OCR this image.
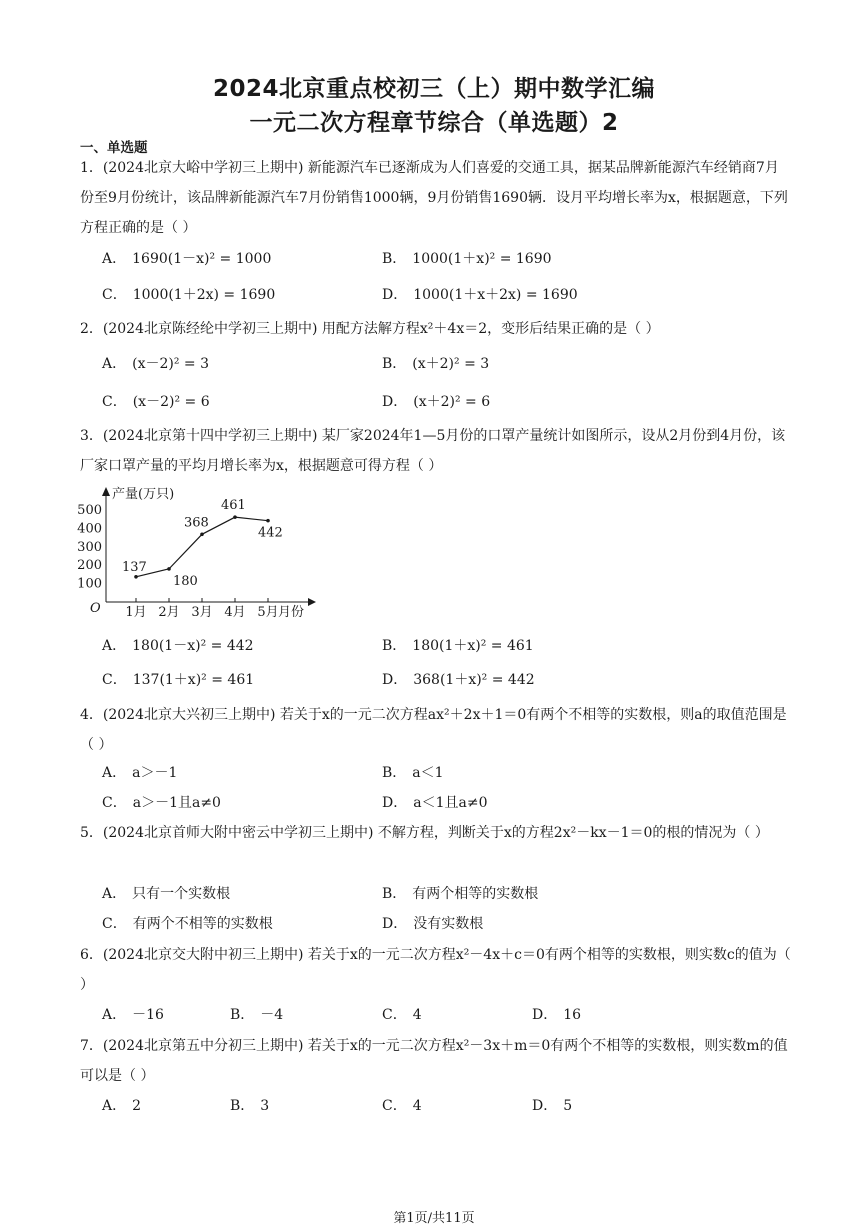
2024北京重点校初三（上）期中数学汇编
一元二次方程章节综合（单选题）2
一、单选题
1．(2024北京大峪中学初三上期中) 新能源汽车已逐渐成为人们喜爱的交通工具，据某品牌新能源汽车经销商7月份至9月份统计，该品牌新能源汽车7月份销售1000辆，9月份销售1690辆．设月平均增长率为x，根据题意，下列方程正确的是（ ）
A． 1690(1－x)² = 1000	B． 1000(1＋x)² = 1690
C． 1000(1＋2x) = 1690	D． 1000(1＋x＋2x) = 1690
2．(2024北京陈经纶中学初三上期中) 用配方法解方程x²＋4x＝2，变形后结果正确的是（ ）
A． (x－2)² = 3	B． (x＋2)² = 3
C． (x－2)² = 6	D． (x＋2)² = 6
3．(2024北京第十四中学初三上期中) 某厂家2024年1—5月份的口罩产量统计如图所示，设从2月份到4月份，该厂家口罩产量的平均月增长率为x，根据题意可得方程（ ）
产量(万只)
月份
O
100
200
300
400
500
1月 2月 3月 4月 5月
137
180
368
461
442
A． 180(1－x)² = 442	B． 180(1＋x)² = 461
C． 137(1＋x)² = 461	D． 368(1＋x)² = 442
4．(2024北京大兴初三上期中) 若关于x的一元二次方程ax²＋2x＋1＝0有两个不相等的实数根，则a的取值范围是（ ）
A． a＞－1	B． a＜1
C． a＞－1且a≠0	D． a＜1且a≠0
5．(2024北京首师大附中密云中学初三上期中) 不解方程，判断关于x的方程2x²－kx－1＝0的根的情况为（ ）
A． 只有一个实数根	B． 有两个相等的实数根
C． 有两个不相等的实数根	D． 没有实数根
6．(2024北京交大附中初三上期中) 若关于x的一元二次方程x²－4x＋c＝0有两个相等的实数根，则实数c的值为（ ）
A． －16	B． －4	C． 4	D． 16
7．(2024北京第五中分初三上期中) 若关于x的一元二次方程x²－3x＋m＝0有两个不相等的实数根，则实数m的值可以是（ ）
A． 2	B． 3	C． 4	D． 5
第1页/共11页
